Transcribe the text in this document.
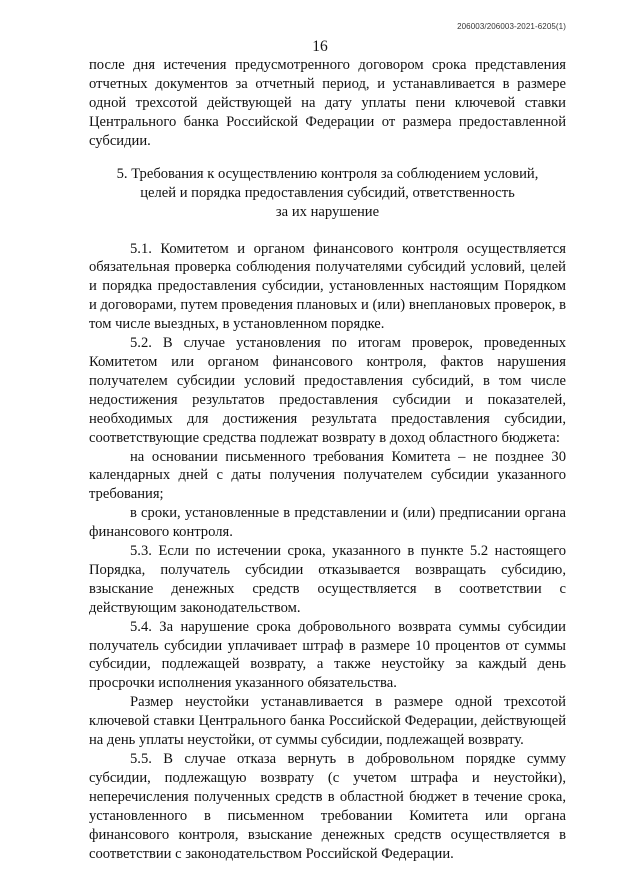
206003/206003-2021-6205(1)
16

после дня истечения предусмотренного договором срока представления отчетных документов за отчетный период, и устанавливается в размере одной трехсотой действующей на дату уплаты пени ключевой ставки Центрального банка Российской Федерации от размера предоставленной субсидии.

5. Требования к осуществлению контроля за соблюдением условий,
целей и порядка предоставления субсидий, ответственность
за их нарушение

5.1. Комитетом и органом финансового контроля осуществляется обязательная проверка соблюдения получателями субсидий условий, целей и порядка предоставления субсидии, установленных настоящим Порядком и договорами, путем проведения плановых и (или) внеплановых проверок, в том числе выездных, в установленном порядке.

5.2. В случае установления по итогам проверок, проведенных Комитетом или органом финансового контроля, фактов нарушения получателем субсидии условий предоставления субсидий, в том числе недостижения результатов предоставления субсидии и показателей, необходимых для достижения результата предоставления субсидии, соответствующие средства подлежат возврату в доход областного бюджета:

на основании письменного требования Комитета – не позднее 30 календарных дней с даты получения получателем субсидии указанного требования;

в сроки, установленные в представлении и (или) предписании органа финансового контроля.

5.3. Если по истечении срока, указанного в пункте 5.2 настоящего Порядка, получатель субсидии отказывается возвращать субсидию, взыскание денежных средств осуществляется в соответствии с действующим законодательством.

5.4. За нарушение срока добровольного возврата суммы субсидии получатель субсидии уплачивает штраф в размере 10 процентов от суммы субсидии, подлежащей возврату, а также неустойку за каждый день просрочки исполнения указанного обязательства.

Размер неустойки устанавливается в размере одной трехсотой ключевой ставки Центрального банка Российской Федерации, действующей на день уплаты неустойки, от суммы субсидии, подлежащей возврату.

5.5. В случае отказа вернуть в добровольном порядке сумму субсидии, подлежащую возврату (с учетом штрафа и неустойки), неперечисления полученных средств в областной бюджет в течение срока, установленного в письменном требовании Комитета или органа финансового контроля, взыскание денежных средств осуществляется в соответствии с законодательством Российской Федерации.
